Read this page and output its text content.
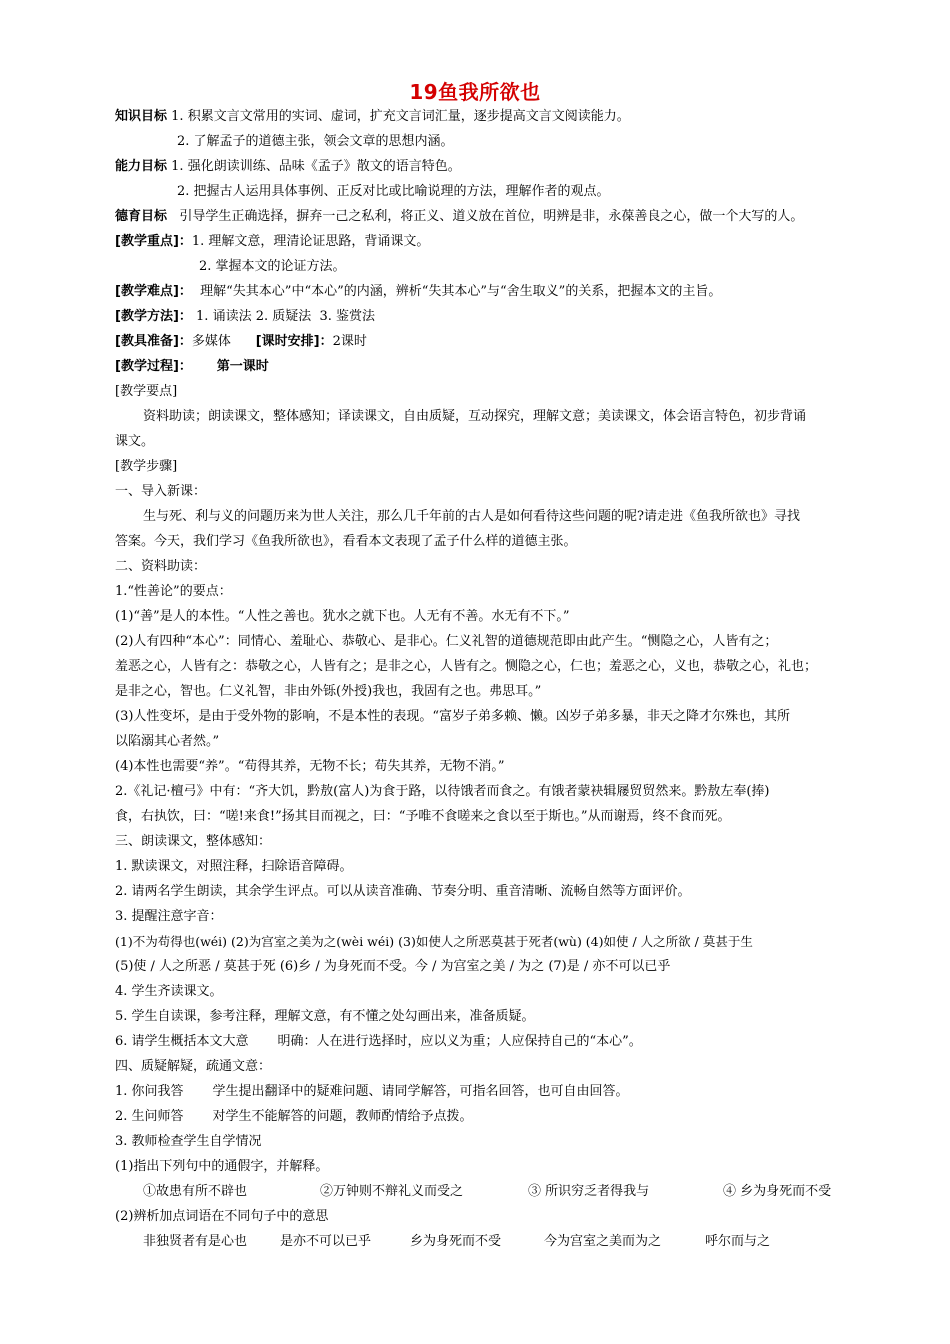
19鱼我所欲也
知识目标 1. 积累文言文常用的实词、虚词，扩充文言词汇量，逐步提高文言文阅读能力。
2. 了解孟子的道德主张，领会文章的思想内涵。
能力目标 1. 强化朗读训练、品味《孟子》散文的语言特色。
2. 把握古人运用具体事例、正反对比或比喻说理的方法，理解作者的观点。
德育目标 引导学生正确选择，摒弃一己之私利，将正义、道义放在首位，明辨是非，永葆善良之心，做一个大写的人。
[教学重点]：1. 理解文意，理清论证思路，背诵课文。
2. 掌握本文的论证方法。
[教学难点]： 理解“失其本心”中“本心”的内涵，辨析“失其本心”与“舍生取义”的关系，把握本文的主旨。
[教学方法]： 1. 诵读法 2. 质疑法  3. 鉴赏法
[教具准备]：多媒体 [课时安排]：2课时
[教学过程]： 第一课时
[教学要点]
资料助读；朗读课文，整体感知；译读课文，自由质疑，互动探究，理解文意；美读课文，体会语言特色，初步背诵
课文。
[教学步骤]
一、导入新课：
生与死、利与义的问题历来为世人关注，那么几千年前的古人是如何看待这些问题的呢?请走进《鱼我所欲也》寻找
答案。今天，我们学习《鱼我所欲也》，看看本文表现了孟子什么样的道德主张。
二、资料助读：
1.“性善论”的要点：
(1)“善”是人的本性。“人性之善也。犹水之就下也。人无有不善。水无有不下。”
(2)人有四种“本心”：同情心、羞耻心、恭敬心、是非心。仁义礼智的道德规范即由此产生。“恻隐之心，人皆有之；
羞恶之心，人皆有之：恭敬之心，人皆有之；是非之心，人皆有之。恻隐之心，仁也；羞恶之心，义也，恭敬之心，礼也；
是非之心，智也。仁义礼智，非由外铄(外授)我也，我固有之也。弗思耳。”
(3)人性变坏，是由于受外物的影响，不是本性的表现。“富岁子弟多赖、懒。凶岁子弟多暴，非天之降才尔殊也，其所
以陷溺其心者然。”
(4)本性也需要“养”。“苟得其养，无物不长；苟失其养，无物不消。”
2.《礼记·檀弓》中有：“齐大饥，黔敖(富人)为食于路，以待饿者而食之。有饿者蒙袂辑屦贸贸然来。黔敖左奉(捧)
食，右执饮，曰：“嗟!来食!”扬其目而视之，曰：“予唯不食嗟来之食以至于斯也。”从而谢焉，终不食而死。
三、朗读课文，整体感知：
1. 默读课文，对照注释，扫除语音障碍。
2. 请两名学生朗读，其余学生评点。可以从读音准确、节奏分明、重音清晰、流畅自然等方面评价。
3. 提醒注意字音：
(1)不为苟得也(wéi) (2)为宫室之美为之(wèi wéi) (3)如使人之所恶莫甚于死者(wù) (4)如使 / 人之所欲 / 莫甚于生
(5)使 / 人之所恶 / 莫甚于死 (6)乡 / 为身死而不受。今 / 为宫室之美 / 为之 (7)是 / 亦不可以已乎
4. 学生齐读课文。
5. 学生自读课，参考注释，理解文意，有不懂之处勾画出来，准备质疑。
6. 请学生概括本文大意 明确：人在进行选择时，应以义为重；人应保持自己的“本心”。
四、质疑解疑，疏通文意：
1. 你问我答 学生提出翻译中的疑难问题、请同学解答，可指名回答，也可自由回答。
2. 生问师答 对学生不能解答的问题，教师酌情给予点拨。
3. 教师检查学生自学情况
(1)指出下列句中的通假字，并解释。
①故患有所不辟也	②万钟则不辩礼义而受之	③ 所识穷乏者得我与	④ 乡为身死而不受
(2)辨析加点词语在不同句子中的意思
非独贤者有是心也	是亦不可以已乎	乡为身死而不受	今为宫室之美而为之	呼尔而与之
